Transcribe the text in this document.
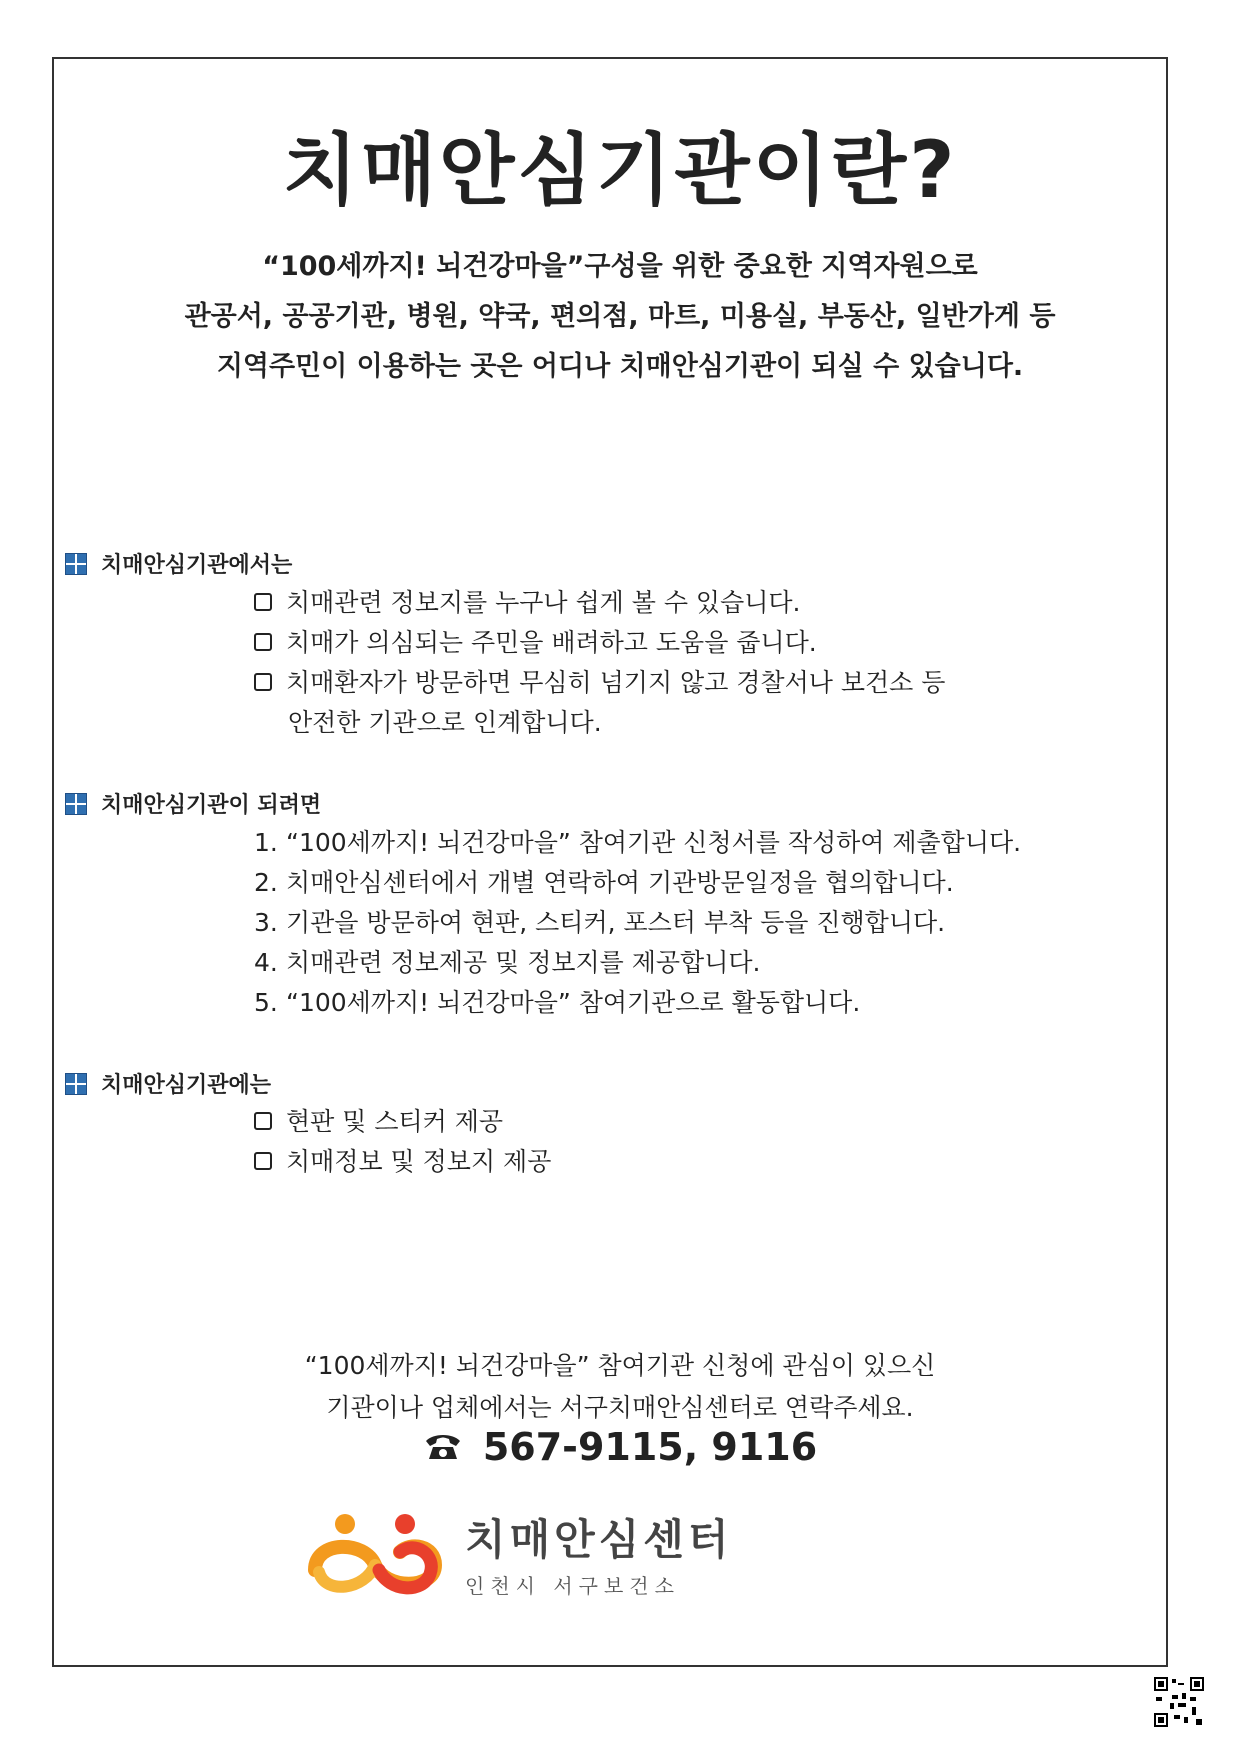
치매안심기관이란?
“100세까지! 뇌건강마을”구성을 위한 중요한 지역자원으로
관공서, 공공기관, 병원, 약국, 편의점, 마트, 미용실, 부동산, 일반가게 등
지역주민이 이용하는 곳은 어디나 치매안심기관이 되실 수 있습니다.
치매안심기관에서는
치매관련 정보지를 누구나 쉽게 볼 수 있습니다.
치매가 의심되는 주민을 배려하고 도움을 줍니다.
치매환자가 방문하면 무심히 넘기지 않고 경찰서나 보건소 등
안전한 기관으로 인계합니다.
치매안심기관이 되려면
1. “100세까지! 뇌건강마을” 참여기관 신청서를 작성하여 제출합니다.
2. 치매안심센터에서 개별 연락하여 기관방문일정을 협의합니다.
3. 기관을 방문하여 현판, 스티커, 포스터 부착 등을 진행합니다.
4. 치매관련 정보제공 및 정보지를 제공합니다.
5. “100세까지! 뇌건강마을” 참여기관으로 활동합니다.
치매안심기관에는
현판 및 스티커 제공
치매정보 및 정보지 제공
“100세까지! 뇌건강마을” 참여기관 신청에 관심이 있으신
기관이나 업체에서는 서구치매안심센터로 연락주세요.
567-9115, 9116
치매안심센터
인천시 서구보건소
